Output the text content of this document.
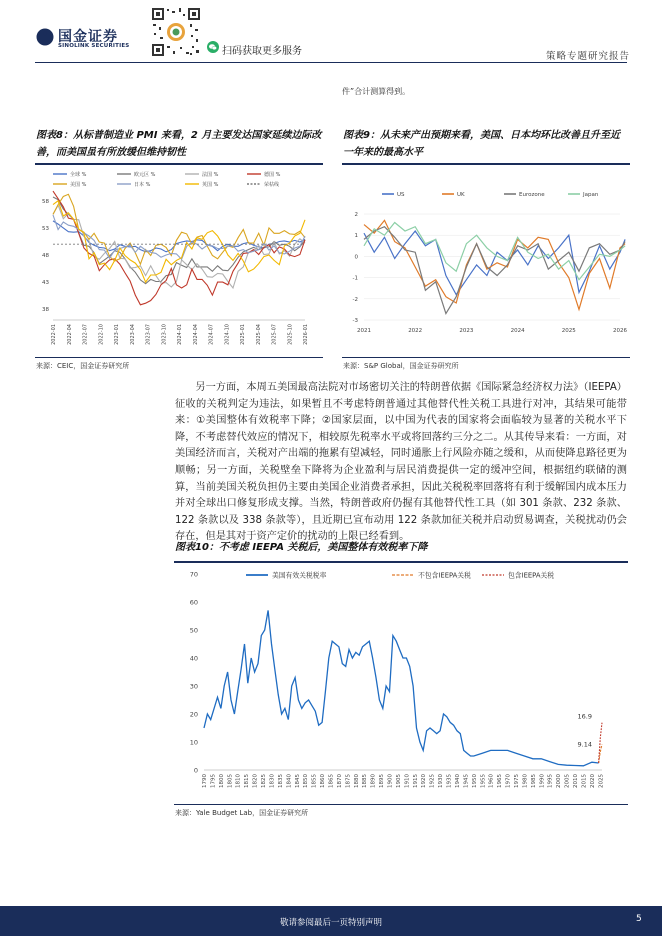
国金证券
SINOLINK SECURITIES	扫码获取更多服务	策略专题研究报告
件”合计测算得到。
图表8：从标普制造业 PMI 来看，2 月主要发达国家延续边际改善，而美国虽有所放缓但维持韧性
全球 %	欧元区 %	法国 %	德国 %
美国 %	日本 %	英国 %	荣枯线
58
53
48
43
38
2022-01 2022-04 2022-07 2022-10 2023-01 2023-04 2023-07 2023-10 2024-01 2024-04 2024-07 2024-10 2025-01 2025-04 2025-07 2025-10 2026-01
来源：CEIC，国金证券研究所
图表9：从未来产出预期来看，美国、日本均环比改善且升至近一年来的最高水平
US	UK	Eurozone	Japan
2
1
0
-1
-2
-3
2021	2022	2023	2024	2025	2026
来源：S&P Global，国金证券研究所
另一方面，本周五美国最高法院对市场密切关注的特朗普依据《国际紧急经济权力法》（IEEPA）征收的关税判定为违法，如果暂且不考虑特朗普通过其他替代性关税工具进行对冲，其结果可能带来：①美国整体有效税率下降；②国家层面，以中国为代表的国家将会面临较为显著的关税水平下降，不考虑替代效应的情况下，相较原先税率水平或将回落约三分之二。从其传导来看：一方面，对美国经济而言，关税对产出端的拖累有望减轻，同时通胀上行风险亦随之缓和，从而使降息路径更为顺畅；另一方面，关税壁垒下降将为企业盈利与居民消费提供一定的缓冲空间，根据纽约联储的测算，当前美国关税负担仍主要由美国企业消费者承担，因此关税税率回落将有利于缓解国内成本压力并对全球出口修复形成支撑。当然，特朗普政府仍握有其他替代性工具（如 301 条款、232 条款、122 条款以及 338 条款等），且近期已宣布动用 122 条款加征关税并启动贸易调查，关税扰动仍会存在，但是其对于资产定价的扰动的上限已经看到。
图表10：不考虑 IEEPA 关税后，美国整体有效税率下降
70
60
50
40
30
20
10
0
美国有效关税税率	不包含IEEPA关税	包含IEEPA关税
16.9
9.14
1790 1795 1800 1805 1810 1815 1820 1825 1830 1835 1840 1845 1850 1855 1860 1865 1870 1875 1880 1885 1890 1895 1900 1905 1910 1915 1920 1925 1930 1935 1940 1945 1950 1955 1960 1965 1970 1975 1980 1985 1990 1995 2000 2005 2010 2015 2020 2025
来源：Yale Budget Lab，国金证券研究所
敬请参阅最后一页特别声明	5
